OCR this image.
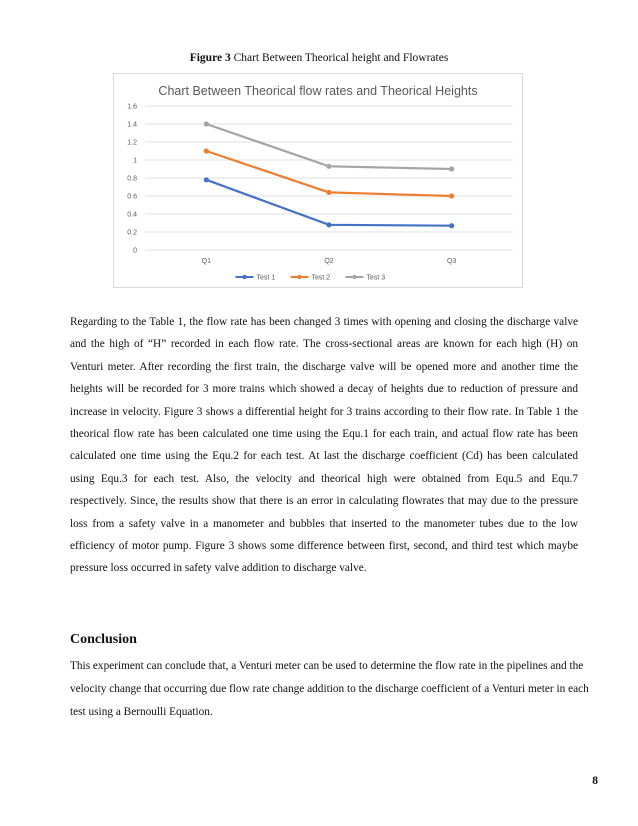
Figure 3 Chart Between Theorical height and Flowrates
Chart Between Theorical flow rates and Theorical Heights
0
0.2
0.4
0.6
0.8
1
1.2
1.4
1.6
Q1	Q2	Q3
Test 1	Test 2	Test 3

Regarding to the Table 1, the flow rate has been changed 3 times with opening and closing the discharge valve and the high of “H” recorded in each flow rate. The cross-sectional areas are known for each high (H) on Venturi meter. After recording the first train, the discharge valve will be opened more and another time the heights will be recorded for 3 more trains which showed a decay of heights due to reduction of pressure and increase in velocity. Figure 3 shows a differential height for 3 trains according to their flow rate. In Table 1 the theorical flow rate has been calculated one time using the Equ.1 for each train, and actual flow rate has been calculated one time using the Equ.2 for each test. At last the discharge coefficient (Cd) has been calculated using Equ.3 for each test. Also, the velocity and theorical high were obtained from Equ.5 and Equ.7 respectively. Since, the results show that there is an error in calculating flowrates that may due to the pressure loss from a safety valve in a manometer and bubbles that inserted to the manometer tubes due to the low efficiency of motor pump. Figure 3 shows some difference between first, second, and third test which maybe pressure loss occurred in safety valve addition to discharge valve.

Conclusion

This experiment can conclude that, a Venturi meter can be used to determine the flow rate in the pipelines and the velocity change that occurring due flow rate change addition to the discharge coefficient of a Venturi meter in each test using a Bernoulli Equation.

8
